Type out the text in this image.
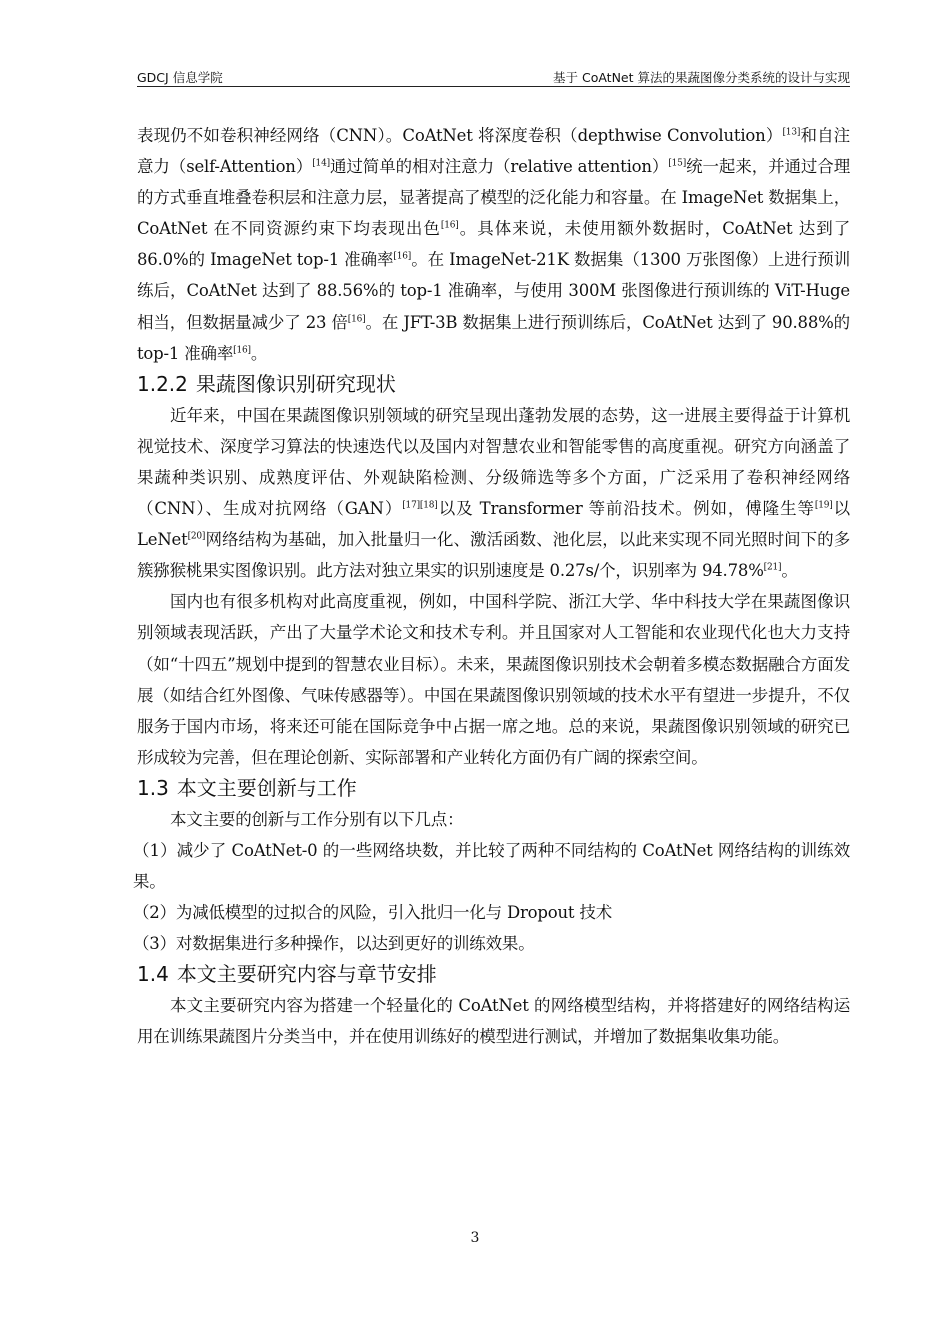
GDCJ 信息学院	基于 CoAtNet 算法的果蔬图像分类系统的设计与实现

表现仍不如卷积神经网络（CNN）。CoAtNet 将深度卷积（depthwise Convolution）[13]和自注意力（self-Attention）[14]通过简单的相对注意力（relative attention）[15]统一起来，并通过合理的方式垂直堆叠卷积层和注意力层，显著提高了模型的泛化能力和容量。在 ImageNet 数据集上，CoAtNet 在不同资源约束下均表现出色[16]。具体来说，未使用额外数据时，CoAtNet 达到了 86.0%的 ImageNet top-1 准确率[16]。在 ImageNet-21K 数据集（1300 万张图像）上进行预训练后，CoAtNet 达到了 88.56%的 top-1 准确率，与使用 300M 张图像进行预训练的 ViT-Huge 相当，但数据量减少了 23 倍[16]。在 JFT-3B 数据集上进行预训练后，CoAtNet 达到了 90.88%的 top-1 准确率[16]。

1.2.2 果蔬图像识别研究现状

近年来，中国在果蔬图像识别领域的研究呈现出蓬勃发展的态势，这一进展主要得益于计算机视觉技术、深度学习算法的快速迭代以及国内对智慧农业和智能零售的高度重视。研究方向涵盖了果蔬种类识别、成熟度评估、外观缺陷检测、分级筛选等多个方面，广泛采用了卷积神经网络（CNN）、生成对抗网络（GAN）[17][18]以及 Transformer 等前沿技术。例如，傅隆生等[19]以 LeNet[20]网络结构为基础，加入批量归一化、激活函数、池化层，以此来实现不同光照时间下的多簇猕猴桃果实图像识别。此方法对独立果实的识别速度是 0.27s/个，识别率为 94.78%[21]。

国内也有很多机构对此高度重视，例如，中国科学院、浙江大学、华中科技大学在果蔬图像识别领域表现活跃，产出了大量学术论文和技术专利。并且国家对人工智能和农业现代化也大力支持（如“十四五”规划中提到的智慧农业目标）。未来，果蔬图像识别技术会朝着多模态数据融合方面发展（如结合红外图像、气味传感器等）。中国在果蔬图像识别领域的技术水平有望进一步提升，不仅服务于国内市场，将来还可能在国际竞争中占据一席之地。总的来说，果蔬图像识别领域的研究已形成较为完善，但在理论创新、实际部署和产业转化方面仍有广阔的探索空间。

1.3 本文主要创新与工作

本文主要的创新与工作分别有以下几点：

（1）减少了 CoAtNet-0 的一些网络块数，并比较了两种不同结构的 CoAtNet 网络结构的训练效果。

（2）为减低模型的过拟合的风险，引入批归一化与 Dropout 技术

（3）对数据集进行多种操作，以达到更好的训练效果。

1.4 本文主要研究内容与章节安排

本文主要研究内容为搭建一个轻量化的 CoAtNet 的网络模型结构，并将搭建好的网络结构运用在训练果蔬图片分类当中，并在使用训练好的模型进行测试，并增加了数据集收集功能。

3
